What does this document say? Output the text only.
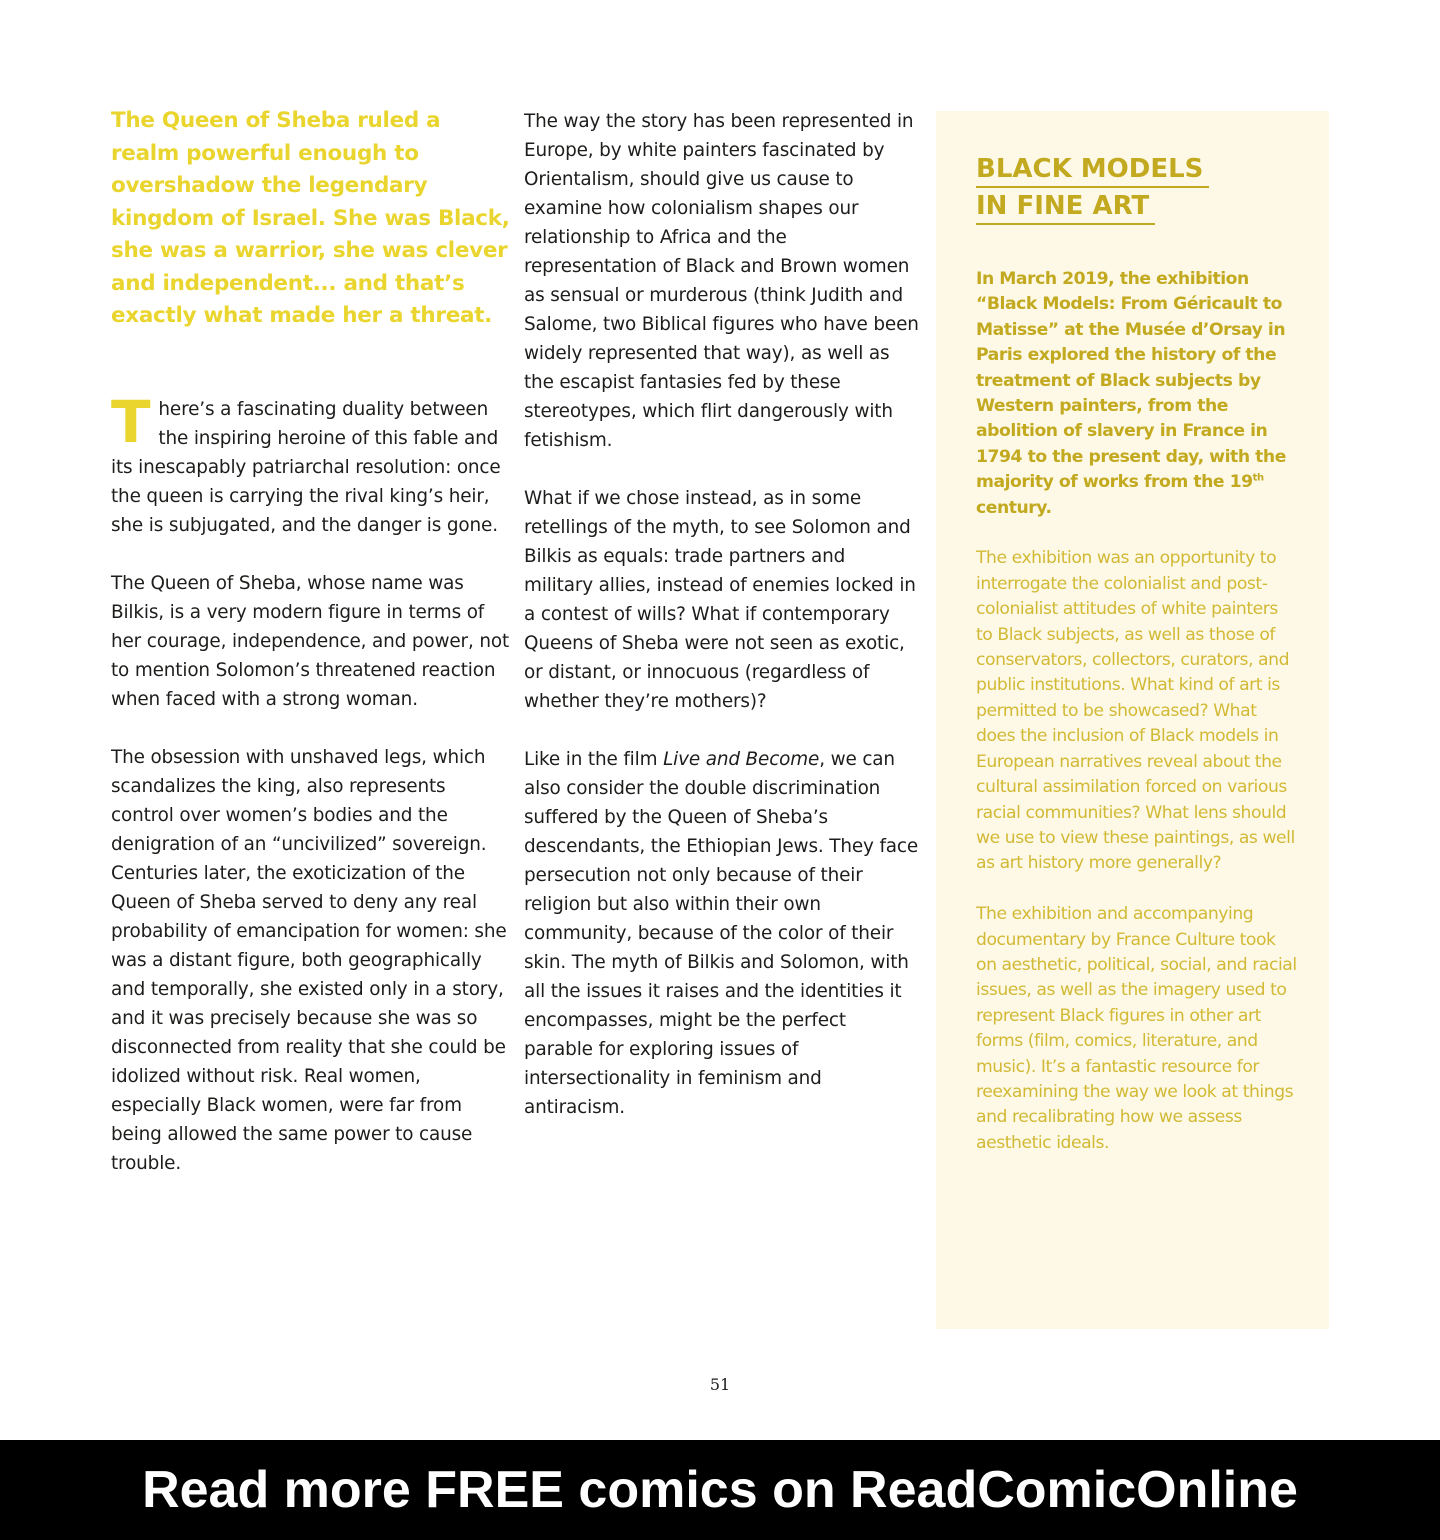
The Queen of Sheba ruled a realm powerful enough to overshadow the legendary kingdom of Israel. She was Black, she was a warrior, she was clever and independent... and that’s exactly what made her a threat.

There’s a fascinating duality between the inspiring heroine of this fable and its inescapably patriarchal resolution: once the queen is carrying the rival king’s heir, she is subjugated, and the danger is gone.

The Queen of Sheba, whose name was Bilkis, is a very modern figure in terms of her courage, independence, and power, not to mention Solomon’s threatened reaction when faced with a strong woman.

The obsession with unshaved legs, which scandalizes the king, also represents control over women’s bodies and the denigration of an “uncivilized” sovereign. Centuries later, the exoticization of the Queen of Sheba served to deny any real probability of emancipation for women: she was a distant figure, both geographically and temporally, she existed only in a story, and it was precisely because she was so disconnected from reality that she could be idolized without risk. Real women, especially Black women, were far from being allowed the same power to cause trouble.

The way the story has been represented in Europe, by white painters fascinated by Orientalism, should give us cause to examine how colonialism shapes our relationship to Africa and the representation of Black and Brown women as sensual or murderous (think Judith and Salome, two Biblical figures who have been widely represented that way), as well as the escapist fantasies fed by these stereotypes, which flirt dangerously with fetishism.

What if we chose instead, as in some retellings of the myth, to see Solomon and Bilkis as equals: trade partners and military allies, instead of enemies locked in a contest of wills? What if contemporary Queens of Sheba were not seen as exotic, or distant, or innocuous (regardless of whether they’re mothers)?

Like in the film Live and Become, we can also consider the double discrimination suffered by the Queen of Sheba’s descendants, the Ethiopian Jews. They face persecution not only because of their religion but also within their own community, because of the color of their skin. The myth of Bilkis and Solomon, with all the issues it raises and the identities it encompasses, might be the perfect parable for exploring issues of intersectionality in feminism and antiracism.

BLACK MODELS
IN FINE ART

In March 2019, the exhibition “Black Models: From Géricault to Matisse” at the Musée d’Orsay in Paris explored the history of the treatment of Black subjects by Western painters, from the abolition of slavery in France in 1794 to the present day, with the majority of works from the 19th century.

The exhibition was an opportunity to interrogate the colonialist and post-colonialist attitudes of white painters to Black subjects, as well as those of conservators, collectors, curators, and public institutions. What kind of art is permitted to be showcased? What does the inclusion of Black models in European narratives reveal about the cultural assimilation forced on various racial communities? What lens should we use to view these paintings, as well as art history more generally?

The exhibition and accompanying documentary by France Culture took on aesthetic, political, social, and racial issues, as well as the imagery used to represent Black figures in other art forms (film, comics, literature, and music). It’s a fantastic resource for reexamining the way we look at things and recalibrating how we assess aesthetic ideals.

51
Read more FREE comics on ReadComicOnline
